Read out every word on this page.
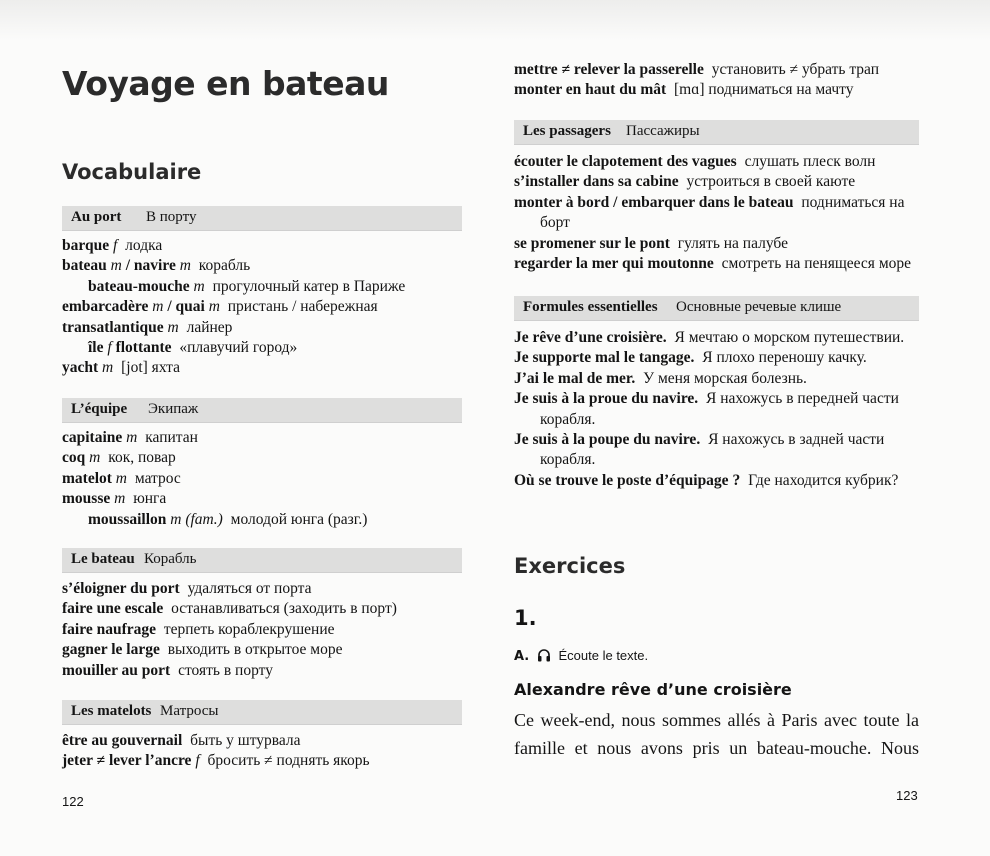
Voyage en bateau
Vocabulaire
Au port В порту
barque f лодка
bateau m / navire m корабль
bateau-mouche m прогулочный катер в Париже
embarcadère m / quai m пристань / набережная
transatlantique m лайнер
île f flottante «плавучий город»
yacht m [jot] яхта
L’équipe Экипаж
capitaine m капитан
coq m кок, повар
matelot m матрос
mousse m юнга
moussaillon m (fam.) молодой юнга (разг.)
Le bateau Корабль
s’éloigner du port удаляться от порта
faire une escale останавливаться (заходить в порт)
faire naufrage терпеть кораблекрушение
gagner le large выходить в открытое море
mouiller au port стоять в порту
Les matelots Матросы
être au gouvernail быть у штурвала
jeter ≠ lever l’ancre f бросить ≠ поднять якорь
122
mettre ≠ relever la passerelle установить ≠ убрать трап
monter en haut du mât [mɑ] подниматься на мачту
Les passagers Пассажиры
écouter le clapotement des vagues слушать плеск волн
s’installer dans sa cabine устроиться в своей каюте
monter à bord / embarquer dans le bateau подниматься на
борт
se promener sur le pont гулять на палубе
regarder la mer qui moutonne смотреть на пенящееся море
Formules essentielles Основные речевые клише
Je rêve d’une croisière. Я мечтаю о морском путешествии.
Je supporte mal le tangage. Я плохо переношу качку.
J’ai le mal de mer. У меня морская болезнь.
Je suis à la proue du navire. Я нахожусь в передней части
корабля.
Je suis à la poupe du navire. Я нахожусь в задней части
корабля.
Où se trouve le poste d’équipage ? Где находится кубрик?
Exercices
1.
A. Écoute le texte.
Alexandre rêve d’une croisière
Ce week-end, nous sommes allés à Paris avec toute la
famille et nous avons pris un bateau-mouche. Nous
123
